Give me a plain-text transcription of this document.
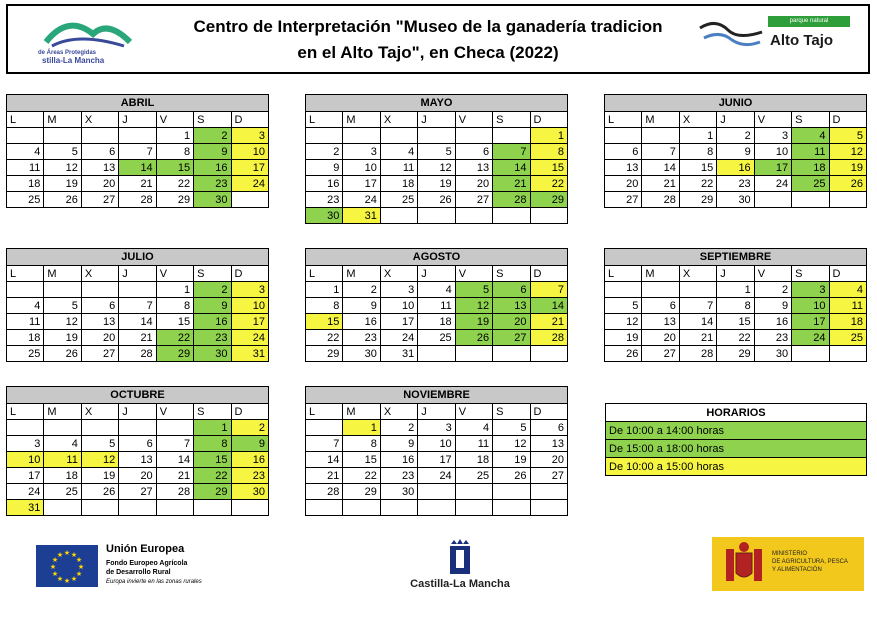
de Áreas Protegidas
stilla-La Mancha
Centro de Interpretación "Museo de la ganadería tradicion
en el Alto Tajo", en Checa (2022)
parque natural
Alto Tajo
ABRIL						
L	M	X	J	V	S	D
				1	2	3
4	5	6	7	8	9	10
11	12	13	14	15	16	17
18	19	20	21	22	23	24
25	26	27	28	29	30	
MAYO						
L	M	X	J	V	S	D
						1
2	3	4	5	6	7	8
9	10	11	12	13	14	15
16	17	18	19	20	21	22
23	24	25	26	27	28	29
30	31					
JUNIO						
L	M	X	J	V	S	D
		1	2	3	4	5
6	7	8	9	10	11	12
13	14	15	16	17	18	19
20	21	22	23	24	25	26
27	28	29	30			
JULIO						
L	M	X	J	V	S	D
				1	2	3
4	5	6	7	8	9	10
11	12	13	14	15	16	17
18	19	20	21	22	23	24
25	26	27	28	29	30	31
AGOSTO						
L	M	X	J	V	S	D
1	2	3	4	5	6	7
8	9	10	11	12	13	14
15	16	17	18	19	20	21
22	23	24	25	26	27	28
29	30	31				
SEPTIEMBRE						
L	M	X	J	V	S	D
			1	2	3	4
5	6	7	8	9	10	11
12	13	14	15	16	17	18
19	20	21	22	23	24	25
26	27	28	29	30		
OCTUBRE						
L	M	X	J	V	S	D
					1	2
3	4	5	6	7	8	9
10	11	12	13	14	15	16
17	18	19	20	21	22	23
24	25	26	27	28	29	30
31						
NOVIEMBRE						
L	M	X	J	V	S	D
	1	2	3	4	5	6
7	8	9	10	11	12	13
14	15	16	17	18	19	20
21	22	23	24	25	26	27
28	29	30				

HORARIOS
De 10:00 a 14:00 horas
De 15:00 a 18:00 horas
De 10:00 a 15:00 horas
★ ★
★
★
★
★
★
★
★
★
★
★	Unión Europea
Fondo Europeo Agrícola
de Desarrollo Rural
Europa invierte en las zonas rurales	Castilla-La Mancha
MINISTERIO
DE AGRICULTURA, PESCA
Y ALIMENTACIÓN
